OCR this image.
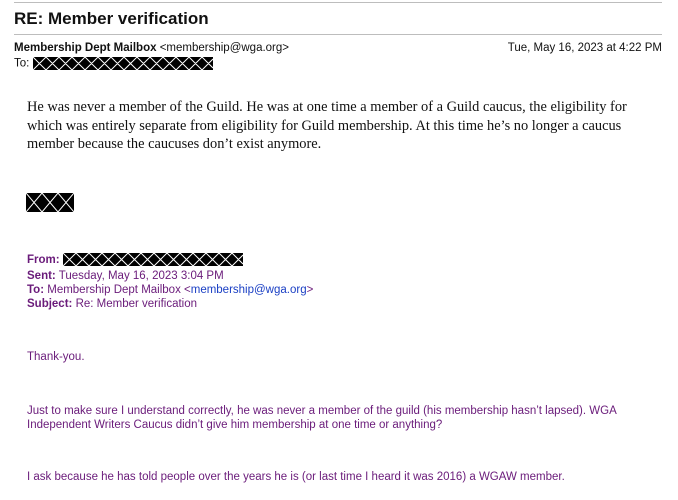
RE: Member verification
Membership Dept Mailbox <membership@wga.org>	Tue, May 16, 2023 at 4:22 PM
To:
He was never a member of the Guild. He was at one time a member of a Guild caucus, the eligibility for which was entirely separate from eligibility for Guild membership. At this time he’s no longer a caucus member because the caucuses don’t exist anymore.
From:
Sent: Tuesday, May 16, 2023 3:04 PM
To: Membership Dept Mailbox <membership@wga.org>
Subject: Re: Member verification
Thank-you.
Just to make sure I understand correctly, he was never a member of the guild (his membership hasn’t lapsed). WGA Independent Writers Caucus didn’t give him membership at one time or anything?
I ask because he has told people over the years he is (or last time I heard it was 2016) a WGAW member.
